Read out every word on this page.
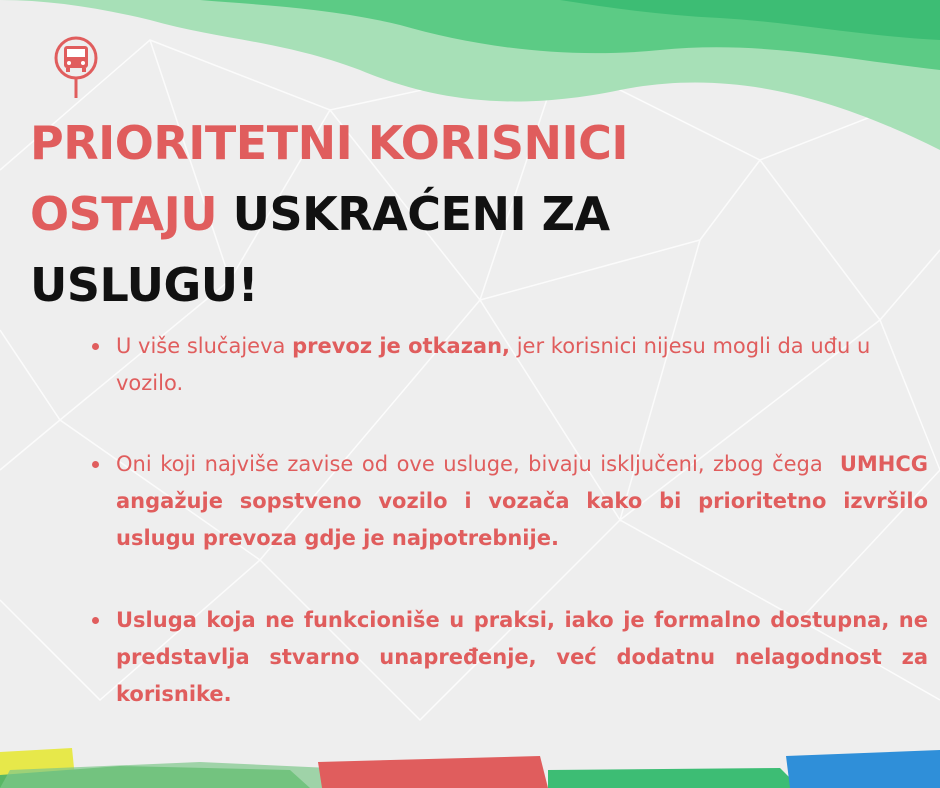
PRIORITETNI KORISNICI
OSTAJU USKRAĆENI ZA
USLUGU!
U više slučajeva prevoz je otkazan, jer korisnici nijesu mogli da uđu u vozilo.
Oni koji najviše zavise od ove usluge, bivaju isključeni, zbog čega  UMHCG angažuje sopstveno vozilo i vozača kako bi prioritetno izvršilo uslugu prevoza gdje je najpotrebnije.
Usluga koja ne funkcioniše u praksi, iako je formalno dostupna, ne predstavlja stvarno unapređenje, već dodatnu nelagodnost za korisnike.
